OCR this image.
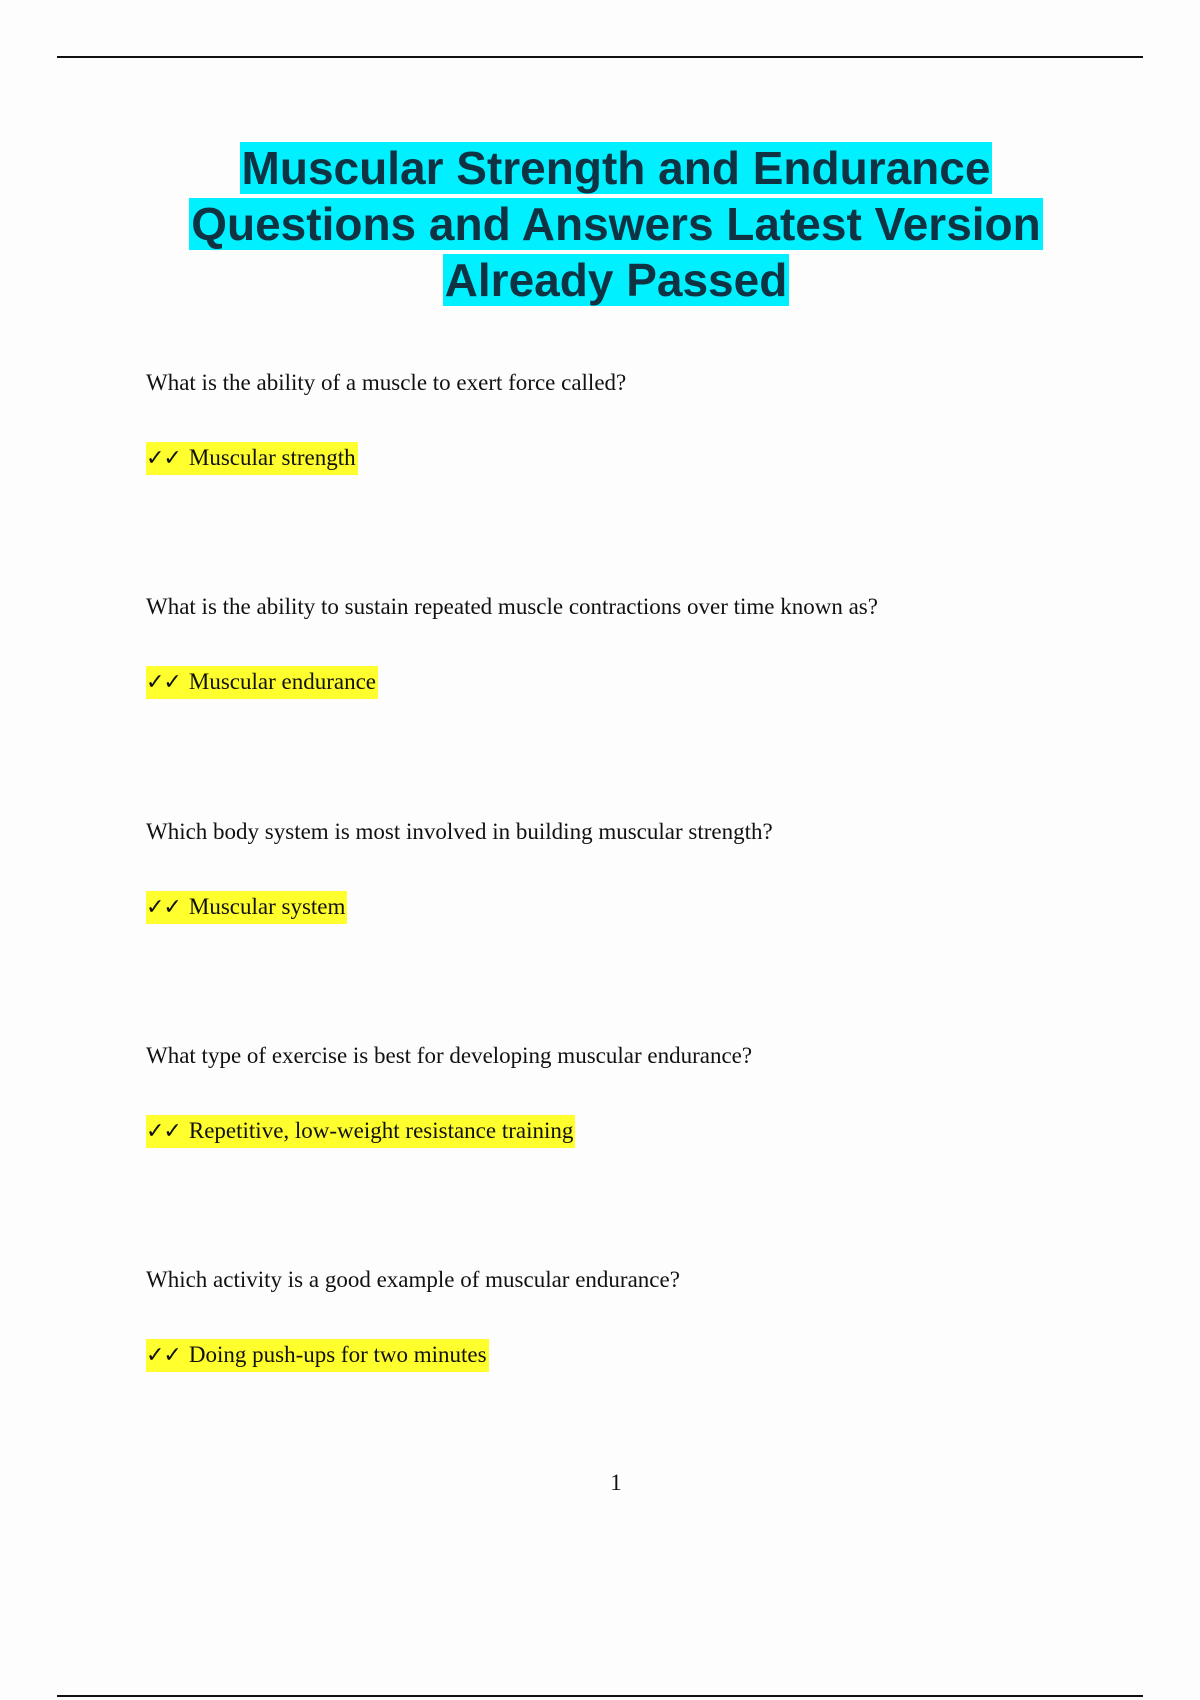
Muscular Strength and Endurance
Questions and Answers Latest Version
Already Passed
What is the ability of a muscle to exert force called?
✓✓ Muscular strength
What is the ability to sustain repeated muscle contractions over time known as?
✓✓ Muscular endurance
Which body system is most involved in building muscular strength?
✓✓ Muscular system
What type of exercise is best for developing muscular endurance?
✓✓ Repetitive, low-weight resistance training
Which activity is a good example of muscular endurance?
✓✓ Doing push-ups for two minutes
1
